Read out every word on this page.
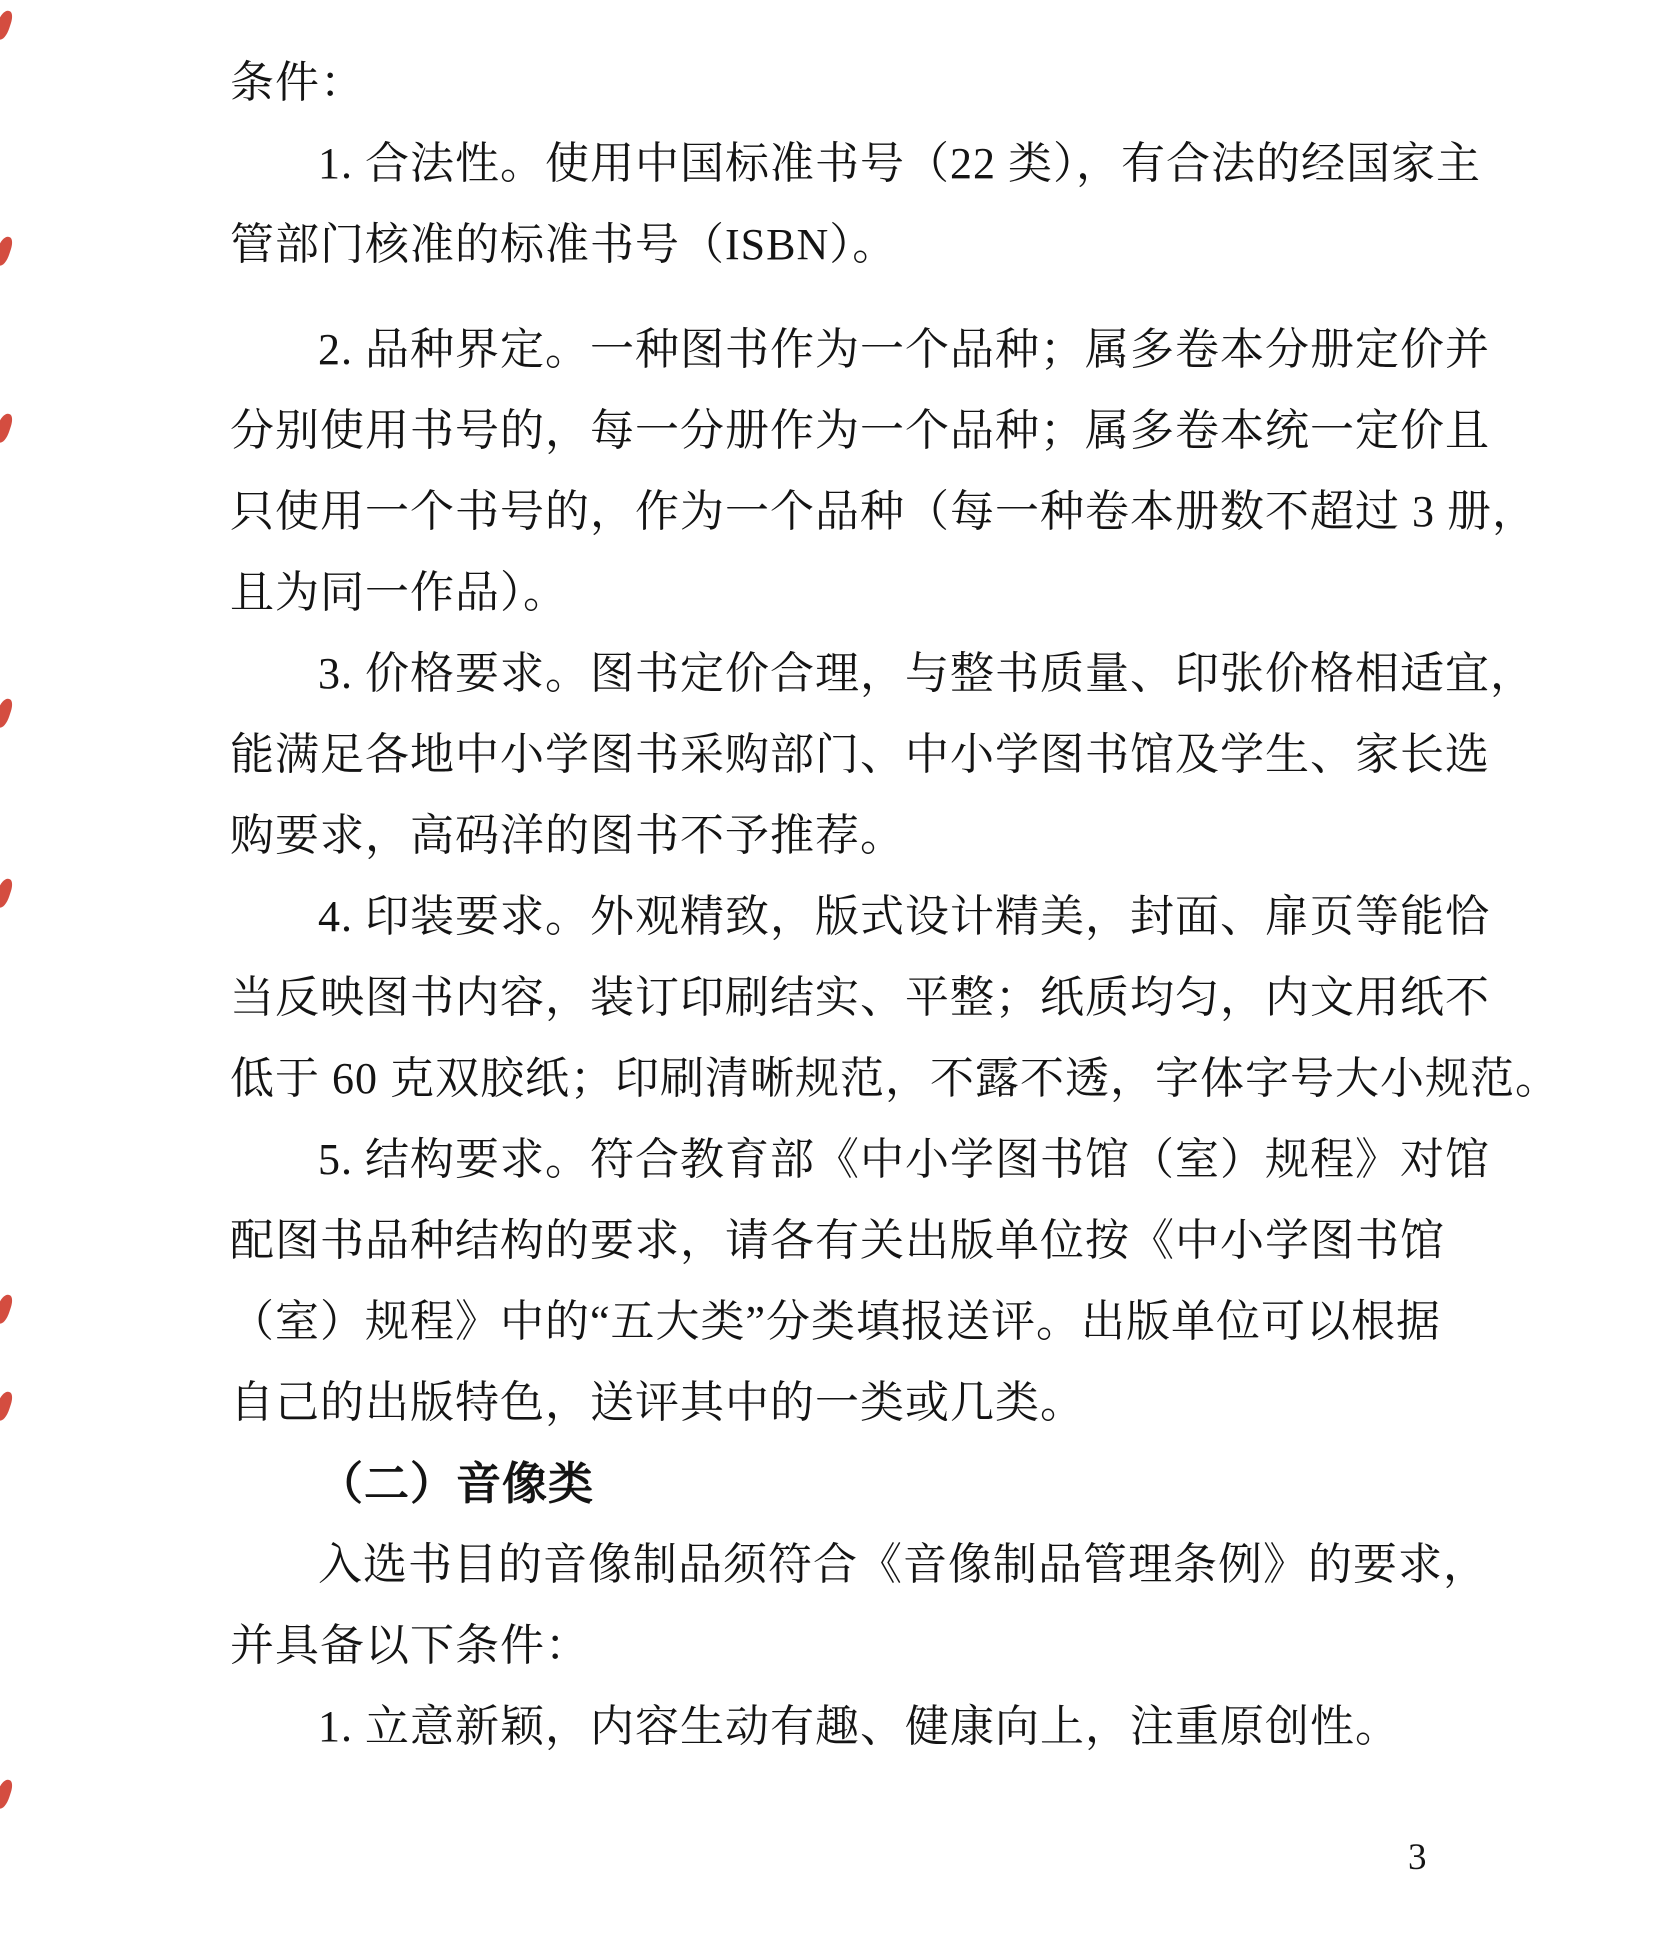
条件：
1. 合法性。使用中国标准书号（22 类），有合法的经国家主
管部门核准的标准书号（ISBN）。
2. 品种界定。一种图书作为一个品种；属多卷本分册定价并
分别使用书号的，每一分册作为一个品种；属多卷本统一定价且
只使用一个书号的，作为一个品种（每一种卷本册数不超过 3 册，
且为同一作品）。
3. 价格要求。图书定价合理，与整书质量、印张价格相适宜，
能满足各地中小学图书采购部门、中小学图书馆及学生、家长选
购要求，高码洋的图书不予推荐。
4. 印装要求。外观精致，版式设计精美，封面、扉页等能恰
当反映图书内容，装订印刷结实、平整；纸质均匀，内文用纸不
低于 60 克双胶纸；印刷清晰规范，不露不透，字体字号大小规范。
5. 结构要求。符合教育部《中小学图书馆（室）规程》对馆
配图书品种结构的要求，请各有关出版单位按《中小学图书馆
（室）规程》中的“五大类”分类填报送评。出版单位可以根据
自己的出版特色，送评其中的一类或几类。
（二）音像类
入选书目的音像制品须符合《音像制品管理条例》的要求，
并具备以下条件：
1. 立意新颖，内容生动有趣、健康向上，注重原创性。
3
